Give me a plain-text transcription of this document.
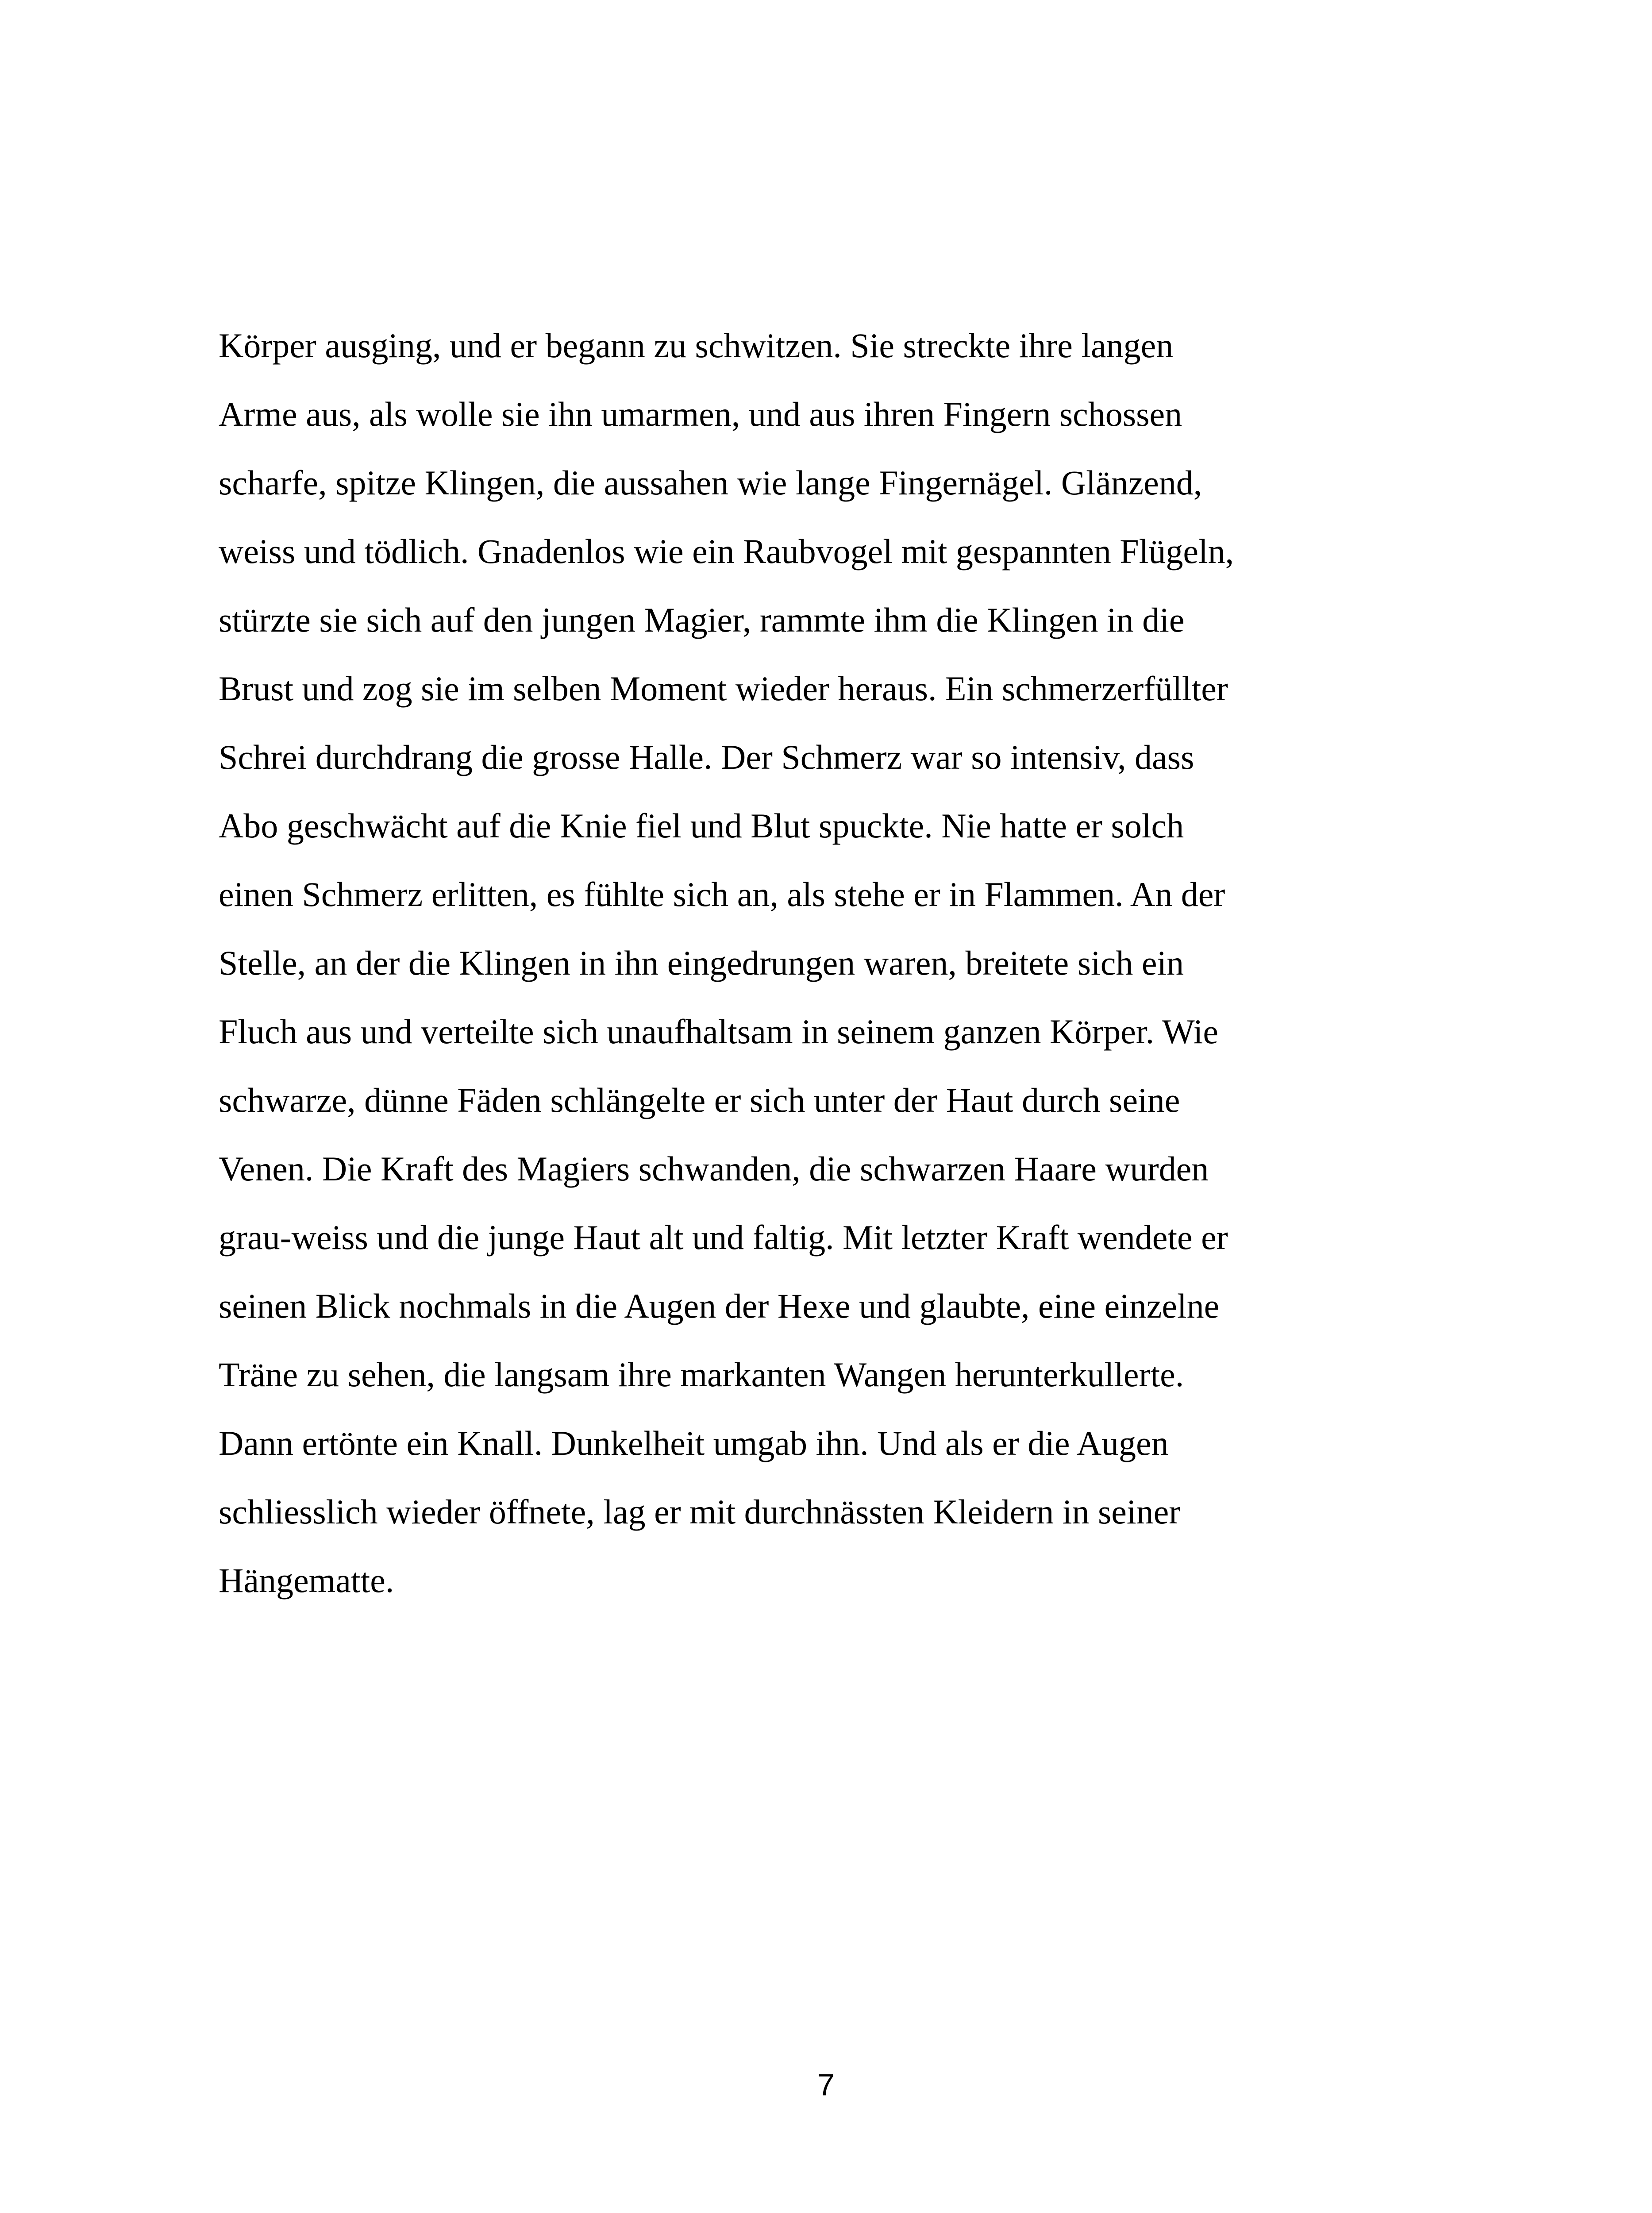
Körper ausging, und er begann zu schwitzen. Sie streckte ihre langen
Arme aus, als wolle sie ihn umarmen, und aus ihren Fingern schossen
scharfe, spitze Klingen, die aussahen wie lange Fingernägel. Glänzend,
weiss und tödlich. Gnadenlos wie ein Raubvogel mit gespannten Flügeln,
stürzte sie sich auf den jungen Magier, rammte ihm die Klingen in die
Brust und zog sie im selben Moment wieder heraus. Ein schmerzerfüllter
Schrei durchdrang die grosse Halle. Der Schmerz war so intensiv, dass
Abo geschwächt auf die Knie fiel und Blut spuckte. Nie hatte er solch
einen Schmerz erlitten, es fühlte sich an, als stehe er in Flammen. An der
Stelle, an der die Klingen in ihn eingedrungen waren, breitete sich ein
Fluch aus und verteilte sich unaufhaltsam in seinem ganzen Körper. Wie
schwarze, dünne Fäden schlängelte er sich unter der Haut durch seine
Venen. Die Kraft des Magiers schwanden, die schwarzen Haare wurden
grau-weiss und die junge Haut alt und faltig. Mit letzter Kraft wendete er
seinen Blick nochmals in die Augen der Hexe und glaubte, eine einzelne
Träne zu sehen, die langsam ihre markanten Wangen herunterkullerte.
Dann ertönte ein Knall. Dunkelheit umgab ihn. Und als er die Augen
schliesslich wieder öffnete, lag er mit durchnässten Kleidern in seiner
Hängematte.
7
